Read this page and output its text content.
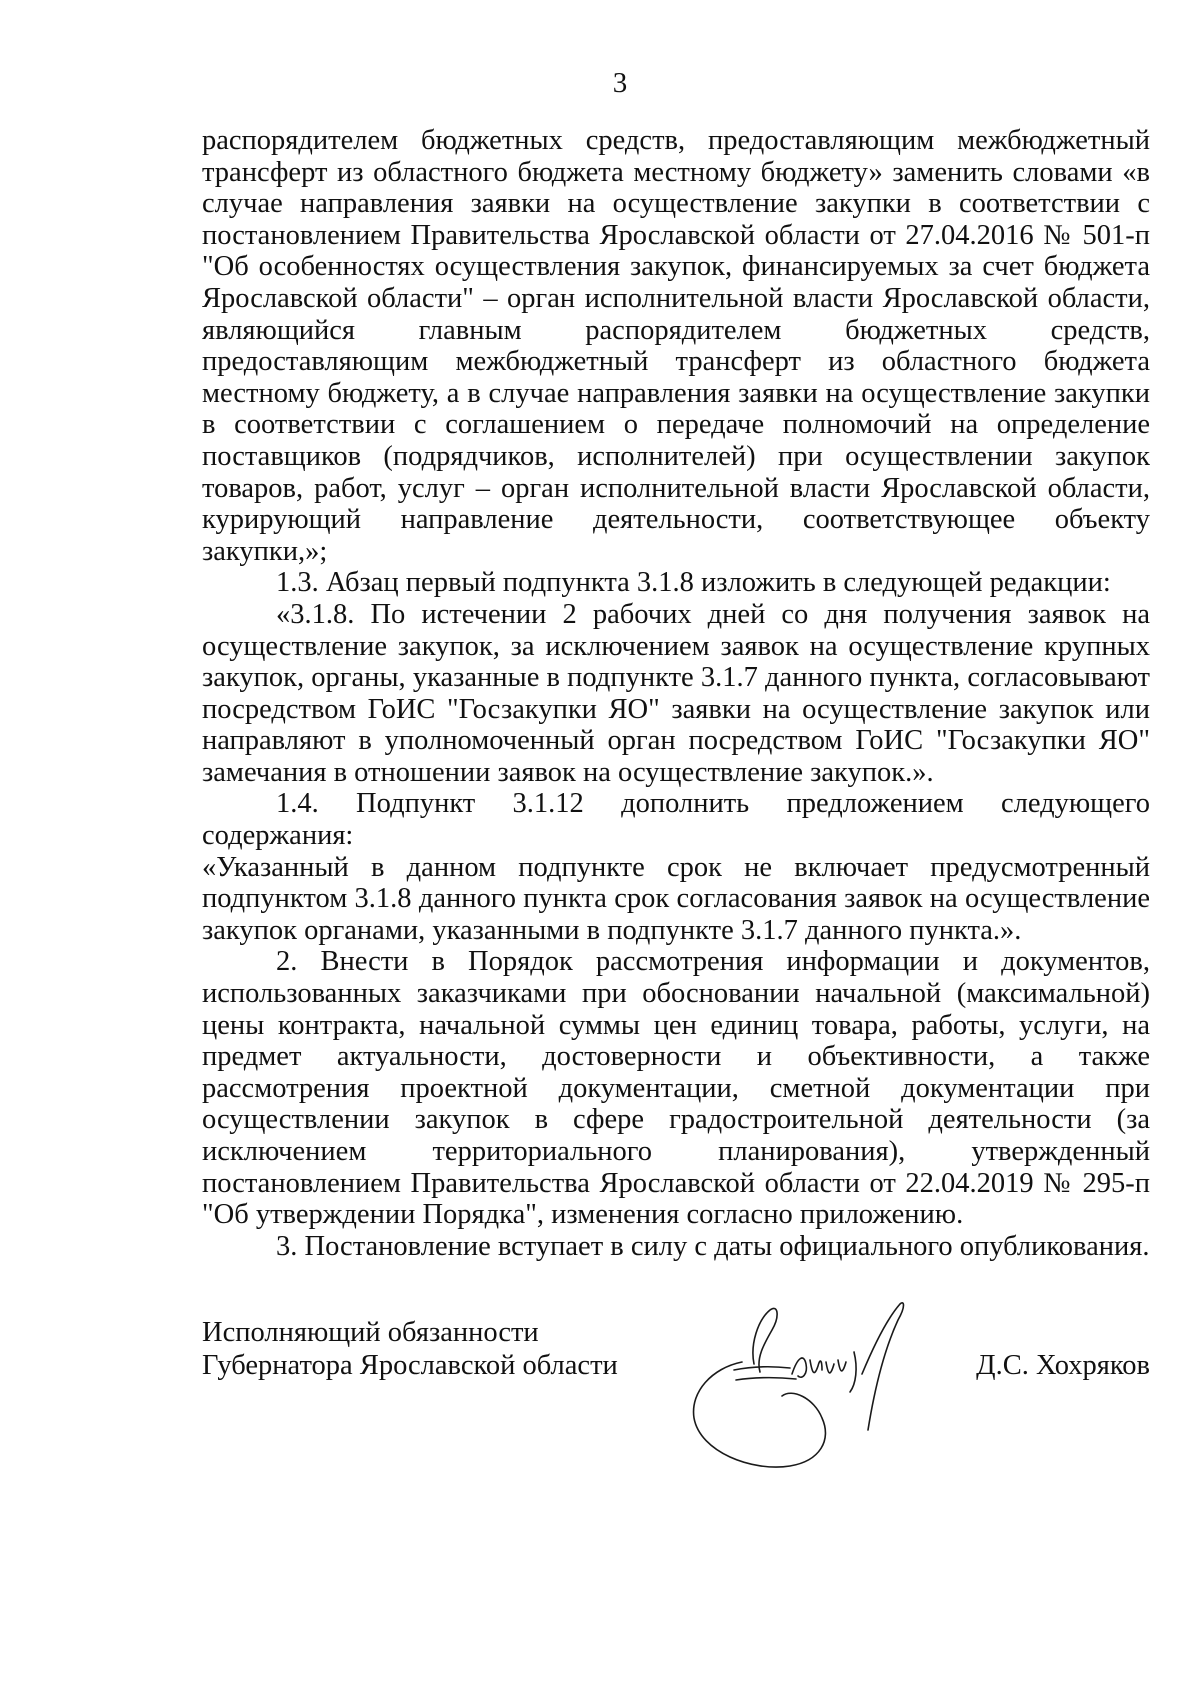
3

распорядителем бюджетных средств, предоставляющим межбюджетный трансферт из областного бюджета местному бюджету» заменить словами «в случае направления заявки на осуществление закупки в соответствии с постановлением Правительства Ярославской области от 27.04.2016 № 501-п "Об особенностях осуществления закупок, финансируемых за счет бюджета Ярославской области" – орган исполнительной власти Ярославской области, являющийся главным распорядителем бюджетных средств, предоставляющим межбюджетный трансферт из областного бюджета местному бюджету, а в случае направления заявки на осуществление закупки в соответствии с соглашением о передаче полномочий на определение поставщиков (подрядчиков, исполнителей) при осуществлении закупок товаров, работ, услуг – орган исполнительной власти Ярославской области, курирующий направление деятельности, соответствующее объекту закупки,»;

1.3. Абзац первый подпункта 3.1.8 изложить в следующей редакции:

«3.1.8. По истечении 2 рабочих дней со дня получения заявок на осуществление закупок, за исключением заявок на осуществление крупных закупок, органы, указанные в подпункте 3.1.7 данного пункта, согласовывают посредством ГоИС "Госзакупки ЯО" заявки на осуществление закупок или направляют в уполномоченный орган посредством ГоИС "Госзакупки ЯО" замечания в отношении заявок на осуществление закупок.».

1.4. Подпункт 3.1.12 дополнить предложением следующего содержания:

«Указанный в данном подпункте срок не включает предусмотренный подпунктом 3.1.8 данного пункта срок согласования заявок на осуществление закупок органами, указанными в подпункте 3.1.7 данного пункта.».

2. Внести в Порядок рассмотрения информации и документов, использованных заказчиками при обосновании начальной (максимальной) цены контракта, начальной суммы цен единиц товара, работы, услуги, на предмет актуальности, достоверности и объективности, а также рассмотрения проектной документации, сметной документации при осуществлении закупок в сфере градостроительной деятельности (за исключением территориального планирования), утвержденный постановлением Правительства Ярославской области от 22.04.2019 № 295-п "Об утверждении Порядка", изменения согласно приложению.

3. Постановление вступает в силу с даты официального опубликования.

Исполняющий обязанности
Губернатора Ярославской области	Д.С. Хохряков
